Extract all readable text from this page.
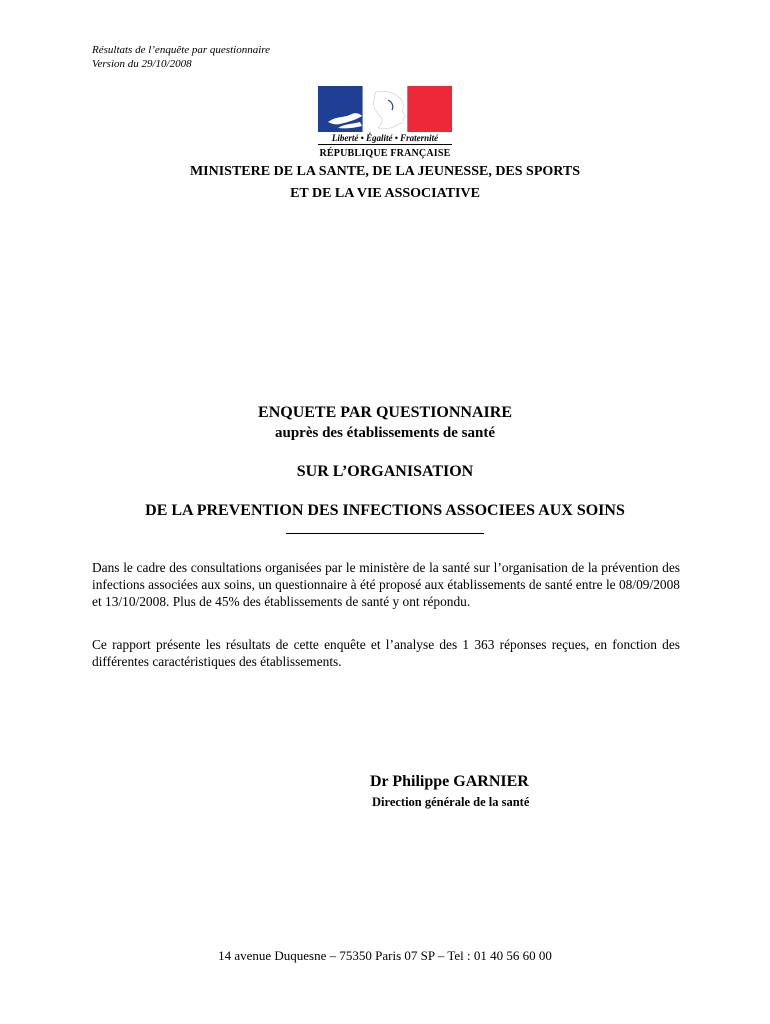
Résultats de l’enquête par questionnaire
Version du 29/10/2008
Liberté • Égalité • Fraternité
RÉPUBLIQUE FRANÇAISE
MINISTERE DE LA SANTE, DE LA JEUNESSE, DES SPORTS
ET DE LA VIE ASSOCIATIVE
ENQUETE PAR QUESTIONNAIRE
auprès des établissements de santé
SUR L’ORGANISATION
DE LA PREVENTION DES INFECTIONS ASSOCIEES AUX SOINS
Dans le cadre des consultations organisées par le ministère de la santé sur l’organisation de la prévention des infections associées aux soins, un questionnaire à été proposé aux établissements de santé entre le 08/09/2008 et 13/10/2008. Plus de 45% des établissements de santé y ont répondu.
Ce rapport présente les résultats de cette enquête et l’analyse des 1 363 réponses reçues, en fonction des différentes caractéristiques des établissements.
Dr Philippe GARNIER
Direction générale de la santé
14 avenue Duquesne – 75350 Paris 07 SP – Tel : 01 40 56 60 00
